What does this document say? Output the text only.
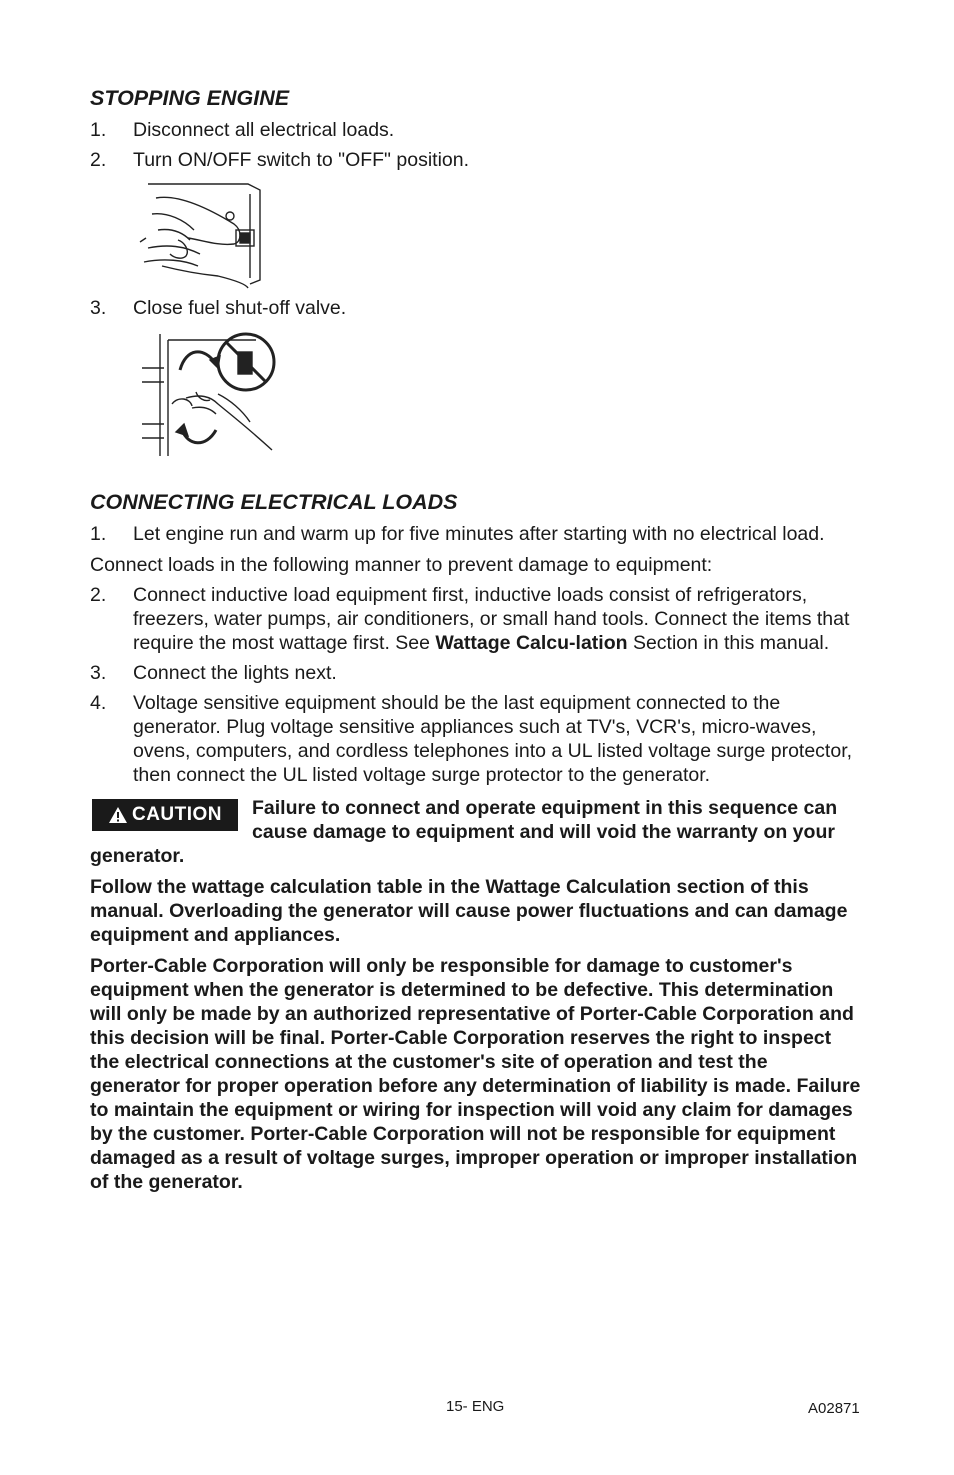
STOPPING ENGINE
1. Disconnect all electrical loads.
2. Turn ON/OFF switch to "OFF" position.
3. Close fuel shut-off valve.
CONNECTING ELECTRICAL LOADS
1. Let engine run and warm up for five minutes after starting with no electrical load.

Connect loads in the following manner to prevent damage to equipment:

2. Connect inductive load equipment first, inductive loads consist of refrigerators, freezers, water pumps, air conditioners, or small hand tools. Connect the items that require the most wattage first. See Wattage Calcu-lation Section in this manual.
3. Connect the lights next.
4. Voltage sensitive equipment should be the last equipment connected to the generator. Plug voltage sensitive appliances such at TV's, VCR's, micro-waves, ovens, computers, and cordless telephones into a UL listed voltage surge protector, then connect the UL listed voltage surge protector to the generator.
CAUTION Failure to connect and operate equipment in this sequence can cause damage to equipment and will void the warranty on your generator.

Follow the wattage calculation table in the Wattage Calculation section of this manual. Overloading the generator will cause power fluctuations and can damage equipment and appliances.

Porter-Cable Corporation will only be responsible for damage to customer's equipment when the generator is determined to be defective. This determination will only be made by an authorized representative of Porter-Cable Corporation and this decision will be final. Porter-Cable Corporation reserves the right to inspect the electrical connections at the customer's site of operation and test the generator for proper operation before any determination of liability is made. Failure to maintain the equipment or wiring for inspection will void any claim for damages by the customer. Porter-Cable Corporation will not be responsible for equipment damaged as a result of voltage surges, improper operation or improper installation of the generator.

15- ENG	A02871
